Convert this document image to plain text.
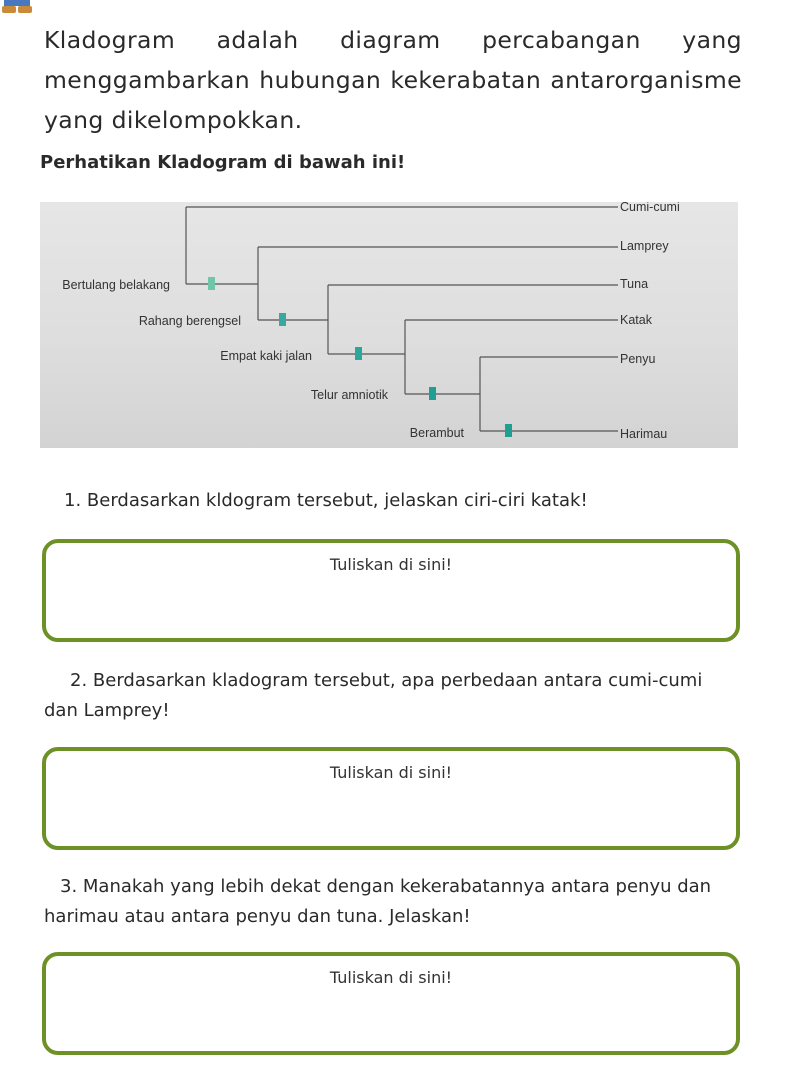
Kladogram adalah diagram percabangan yang menggambarkan hubungan kekerabatan antarorganisme yang dikelompokkan.

Perhatikan Kladogram di bawah ini!

Cumi-cumi
Lamprey
Tuna
Katak
Penyu
Harimau
Bertulang belakang
Rahang berengsel
Empat kaki jalan
Telur amniotik
Berambut

1. Berdasarkan kldogram tersebut, jelaskan ciri-ciri katak!

Tuliskan di sini!

2. Berdasarkan kladogram tersebut, apa perbedaan antara cumi-cumi dan Lamprey!

Tuliskan di sini!

3. Manakah yang lebih dekat dengan kekerabatannya antara penyu dan harimau atau antara penyu dan tuna. Jelaskan!

Tuliskan di sini!
